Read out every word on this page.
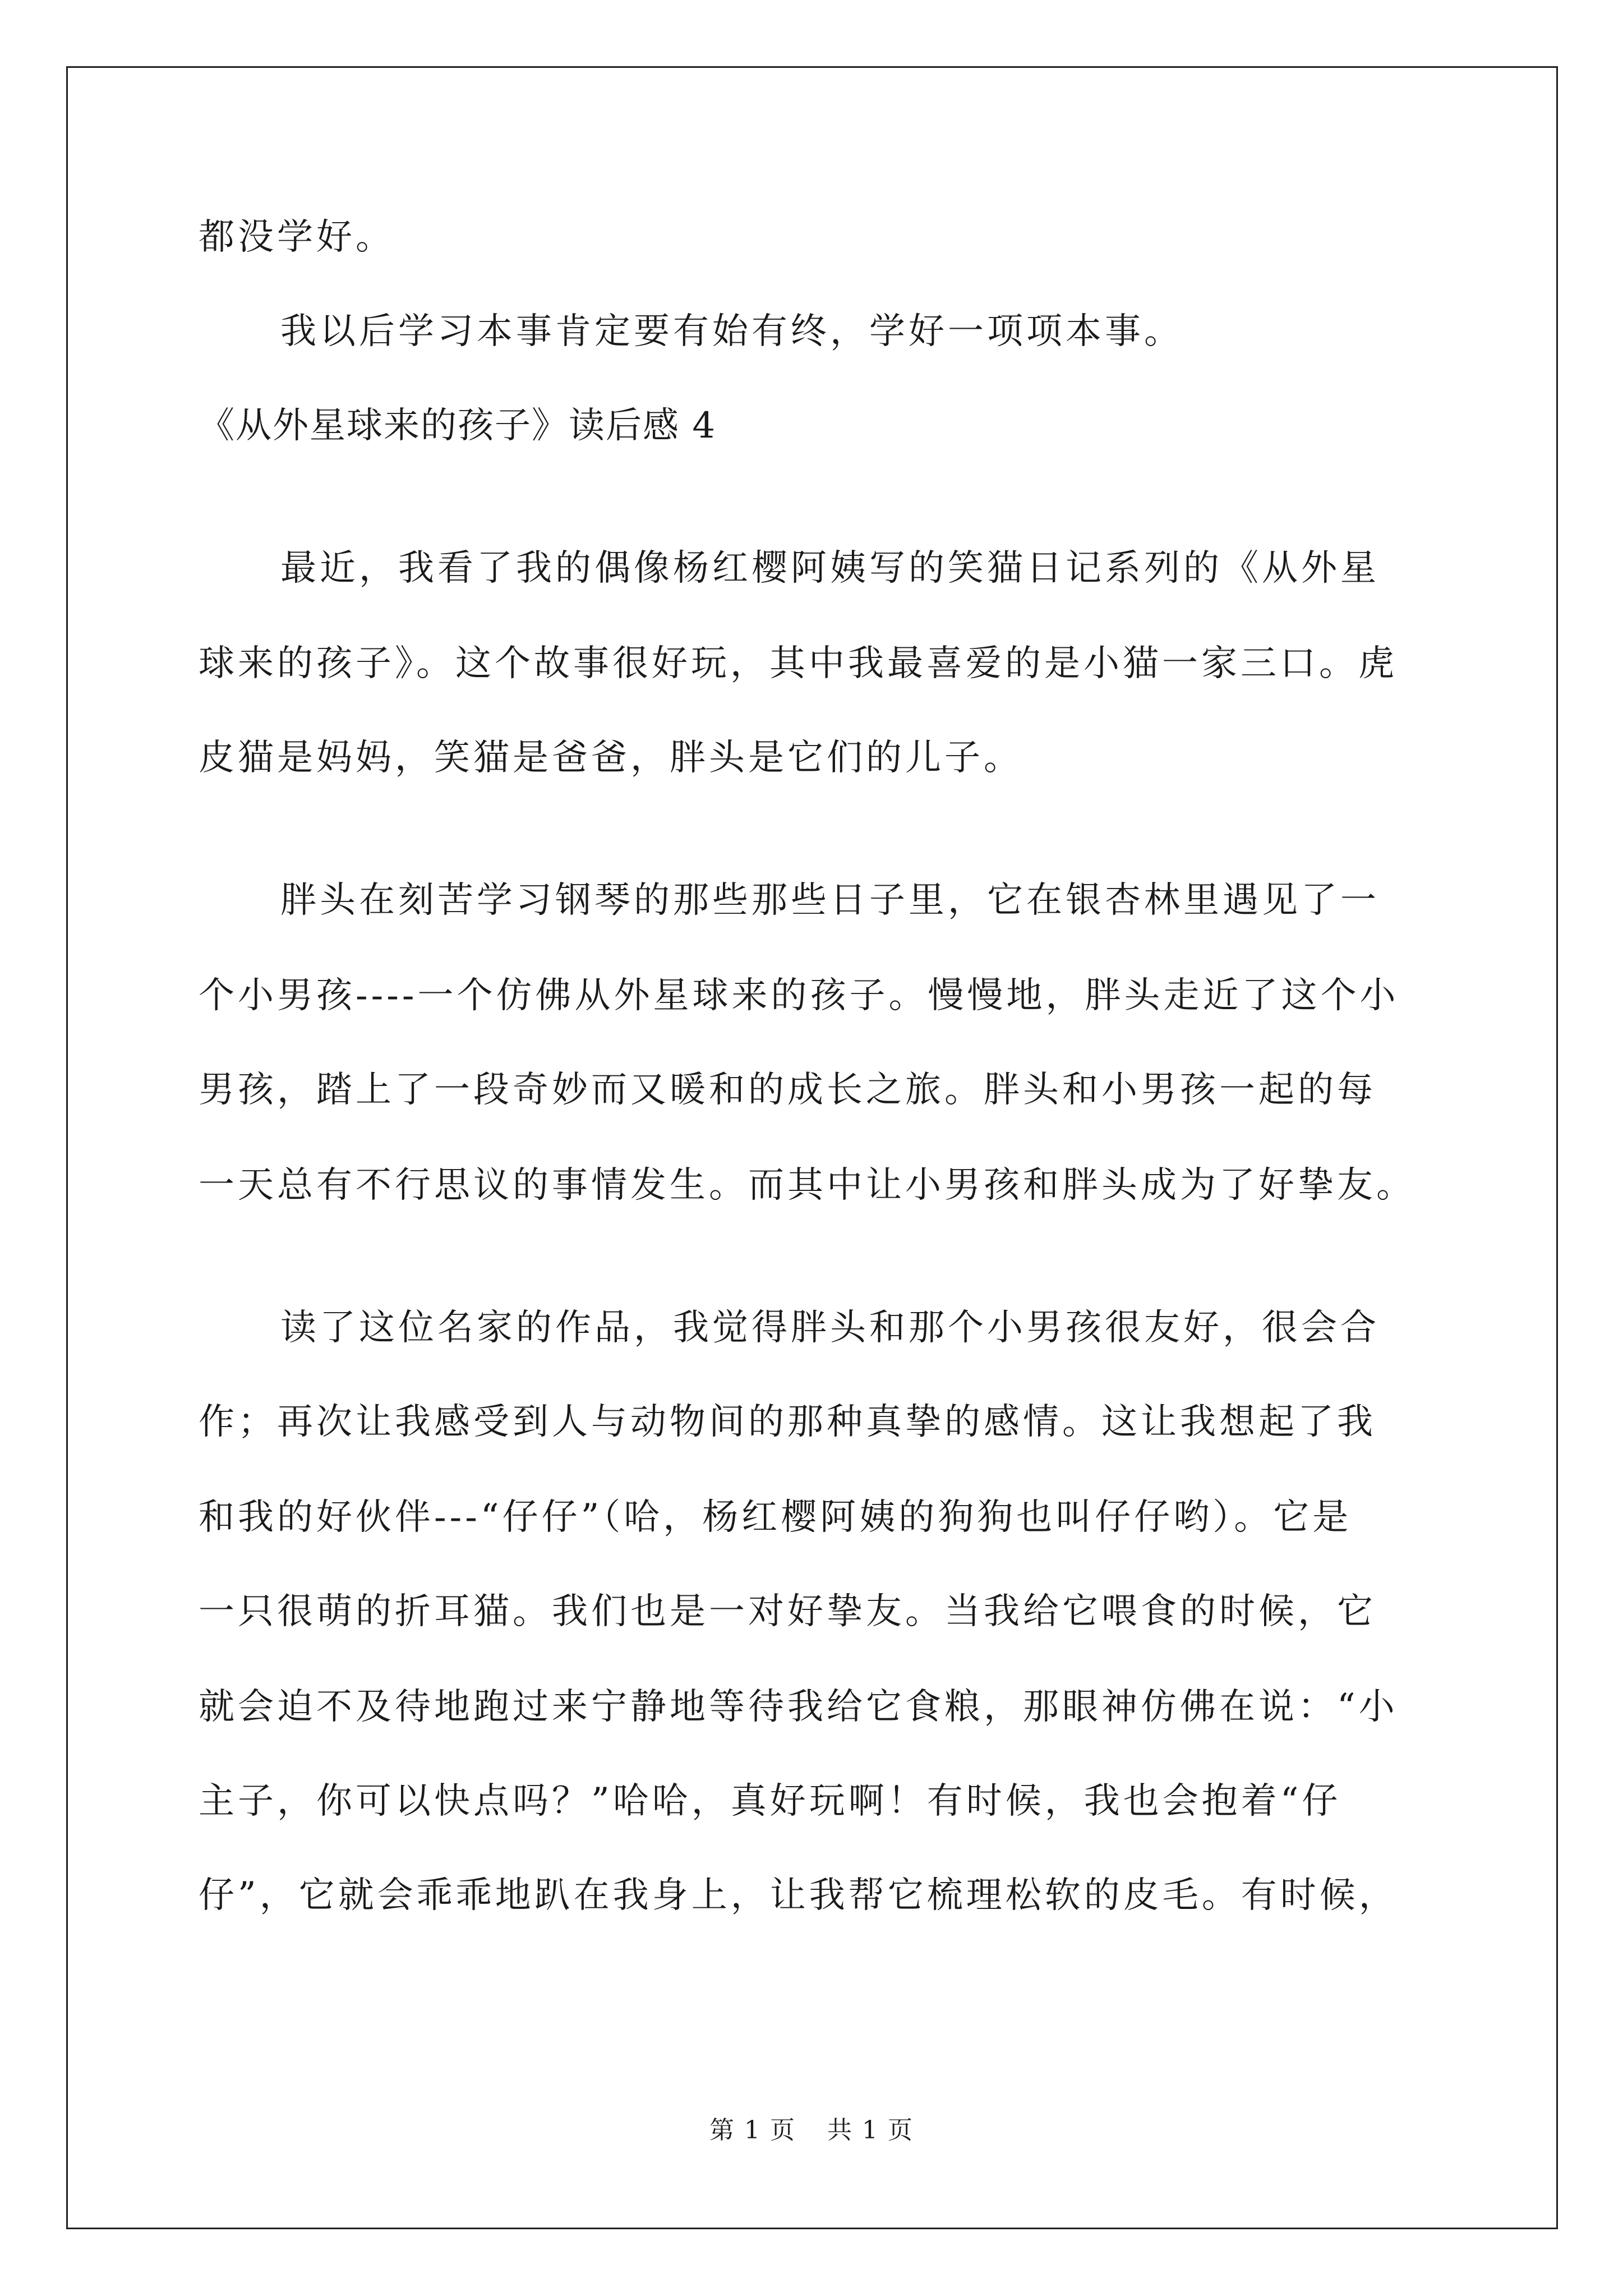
都没学好。
我以后学习本事肯定要有始有终，学好一项项本事。
《从外星球来的孩子》读后感 4
最近，我看了我的偶像杨红樱阿姨写的笑猫日记系列的《从外星
球来的孩子》。这个故事很好玩，其中我最喜爱的是小猫一家三口。虎
皮猫是妈妈，笑猫是爸爸，胖头是它们的儿子。
胖头在刻苦学习钢琴的那些那些日子里，它在银杏林里遇见了一
个小男孩----一个仿佛从外星球来的孩子。慢慢地，胖头走近了这个小
男孩，踏上了一段奇妙而又暖和的成长之旅。胖头和小男孩一起的每
一天总有不行思议的事情发生。而其中让小男孩和胖头成为了好挚友。
读了这位名家的作品，我觉得胖头和那个小男孩很友好，很会合
作；再次让我感受到人与动物间的那种真挚的感情。这让我想起了我
和我的好伙伴---“仔仔”（哈，杨红樱阿姨的狗狗也叫仔仔哟）。它是
一只很萌的折耳猫。我们也是一对好挚友。当我给它喂食的时候，它
就会迫不及待地跑过来宁静地等待我给它食粮，那眼神仿佛在说：“小
主子，你可以快点吗？”哈哈，真好玩啊！有时候，我也会抱着“仔
仔”，它就会乖乖地趴在我身上，让我帮它梳理松软的皮毛。有时候，
第 1 页 共 1 页
